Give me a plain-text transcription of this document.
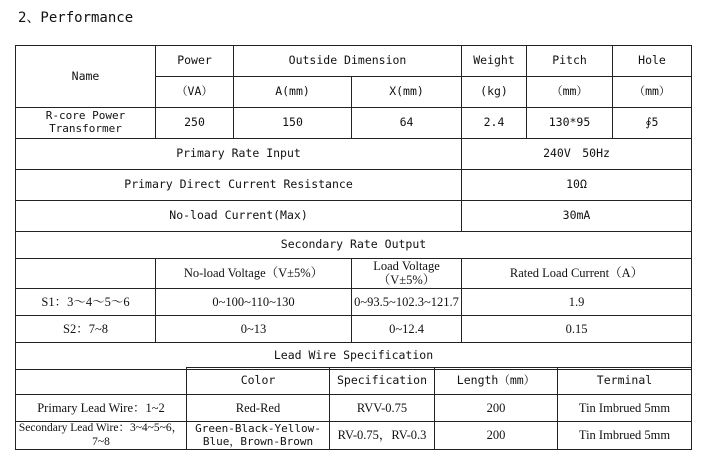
2、Performance
Name	Power	Outside Dimension		Weight	Pitch	Hole
	（VA）	A(mm)	X(mm)	(kg)	（mm）	（mm）
R-core Power Transformer	250	150	64	2.4	130*95	∮5
Primary Rate Input				240V　50Hz		
Primary Direct Current Resistance				10Ω		
No-load Current(Max)				30mA		
Secondary Rate Output						
	No-load Voltage（V±5%）		Load Voltage（V±5%）	Rated Load Current（A）		
S1：3～4～5～6	0~100~110~130		0~93.5~102.3~121.7	1.9		
S2：7~8	0~13		0~12.4	0.15		
Lead Wire Specification						
	Color	Specification	Length（mm）	Terminal
Primary Lead Wire：1~2	Red-Red	RVV-0.75	200	Tin Imbrued 5mm
Secondary Lead Wire：3~4~5~6，7~8	Green-Black-Yellow-Blue，Brown-Brown	RV-0.75，RV-0.3	200	Tin Imbrued 5mm
